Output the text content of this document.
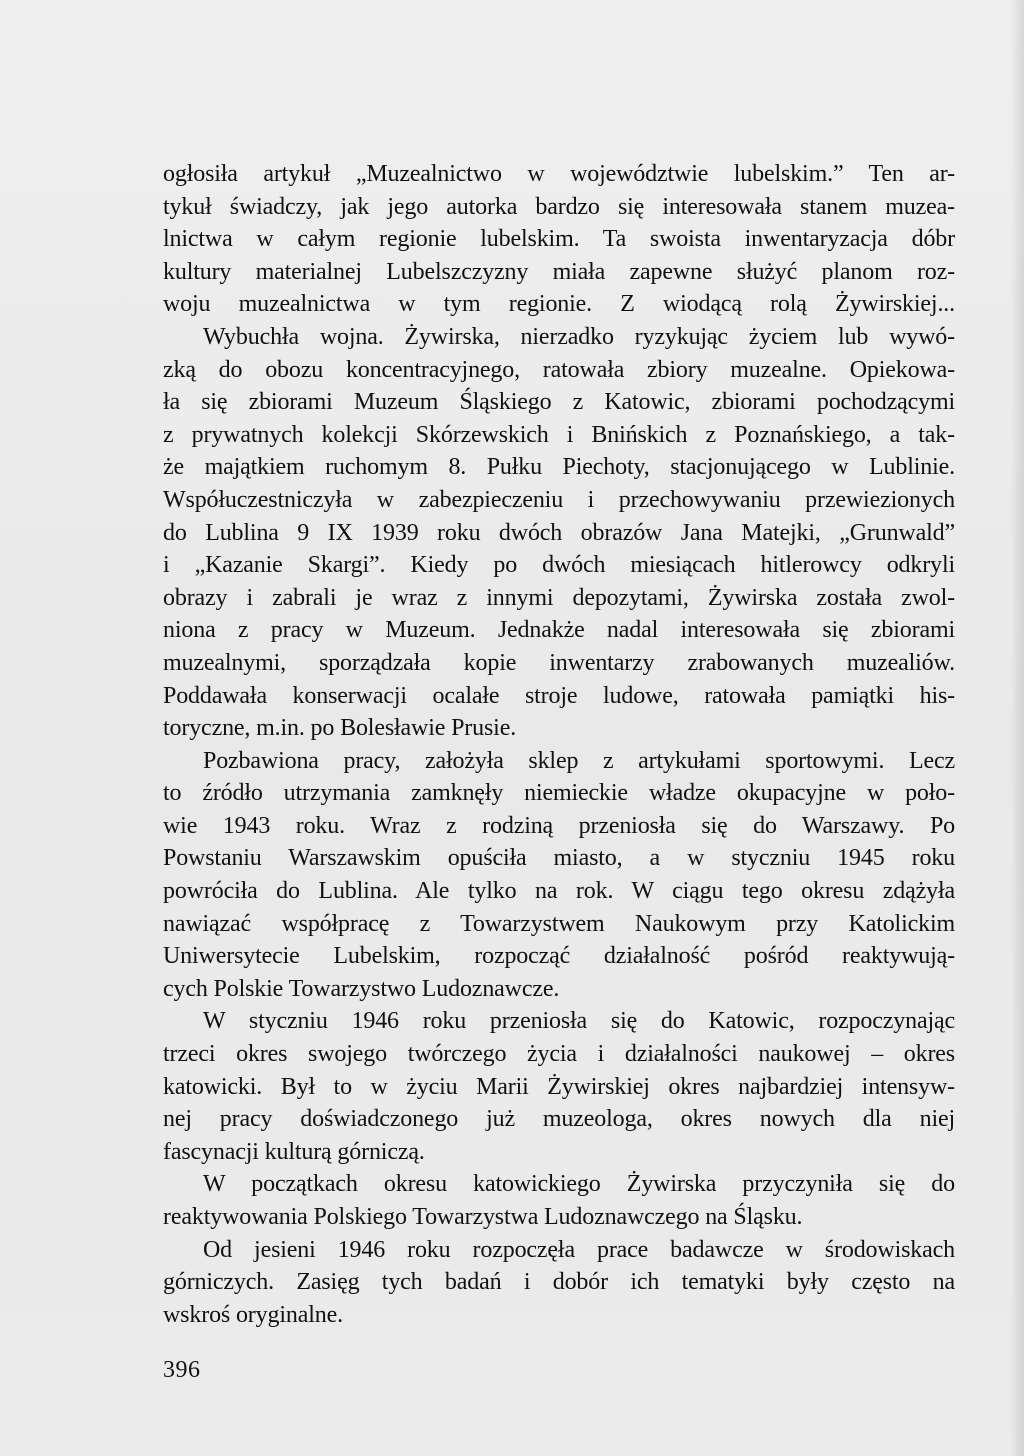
ogłosiła artykuł „Muzealnictwo w województwie lubelskim.” Ten ar-
tykuł świadczy, jak jego autorka bardzo się interesowała stanem muzea-
lnictwa w całym regionie lubelskim. Ta swoista inwentaryzacja dóbr
kultury materialnej Lubelszczyzny miała zapewne służyć planom roz-
woju muzealnictwa w tym regionie. Z wiodącą rolą Żywirskiej...
Wybuchła wojna. Żywirska, nierzadko ryzykując życiem lub wywó-
zką do obozu koncentracyjnego, ratowała zbiory muzealne. Opiekowa-
ła się zbiorami Muzeum Śląskiego z Katowic, zbiorami pochodzącymi
z prywatnych kolekcji Skórzewskich i Bnińskich z Poznańskiego, a tak-
że majątkiem ruchomym 8. Pułku Piechoty, stacjonującego w Lublinie.
Współuczestniczyła w zabezpieczeniu i przechowywaniu przewiezionych
do Lublina 9 IX 1939 roku dwóch obrazów Jana Matejki, „Grunwald”
i „Kazanie Skargi”. Kiedy po dwóch miesiącach hitlerowcy odkryli
obrazy i zabrali je wraz z innymi depozytami, Żywirska została zwol-
niona z pracy w Muzeum. Jednakże nadal interesowała się zbiorami
muzealnymi, sporządzała kopie inwentarzy zrabowanych muzealiów.
Poddawała konserwacji ocalałe stroje ludowe, ratowała pamiątki his-
toryczne, m.in. po Bolesławie Prusie.
Pozbawiona pracy, założyła sklep z artykułami sportowymi. Lecz
to źródło utrzymania zamknęły niemieckie władze okupacyjne w poło-
wie 1943 roku. Wraz z rodziną przeniosła się do Warszawy. Po
Powstaniu Warszawskim opuściła miasto, a w styczniu 1945 roku
powróciła do Lublina. Ale tylko na rok. W ciągu tego okresu zdążyła
nawiązać współpracę z Towarzystwem Naukowym przy Katolickim
Uniwersytecie Lubelskim, rozpocząć działalność pośród reaktywują-
cych Polskie Towarzystwo Ludoznawcze.
W styczniu 1946 roku przeniosła się do Katowic, rozpoczynając
trzeci okres swojego twórczego życia i działalności naukowej – okres
katowicki. Był to w życiu Marii Żywirskiej okres najbardziej intensyw-
nej pracy doświadczonego już muzeologa, okres nowych dla niej
fascynacji kulturą górniczą.
W początkach okresu katowickiego Żywirska przyczyniła się do
reaktywowania Polskiego Towarzystwa Ludoznawczego na Śląsku.
Od jesieni 1946 roku rozpoczęła prace badawcze w środowiskach
górniczych. Zasięg tych badań i dobór ich tematyki były często na
wskroś oryginalne.
396
